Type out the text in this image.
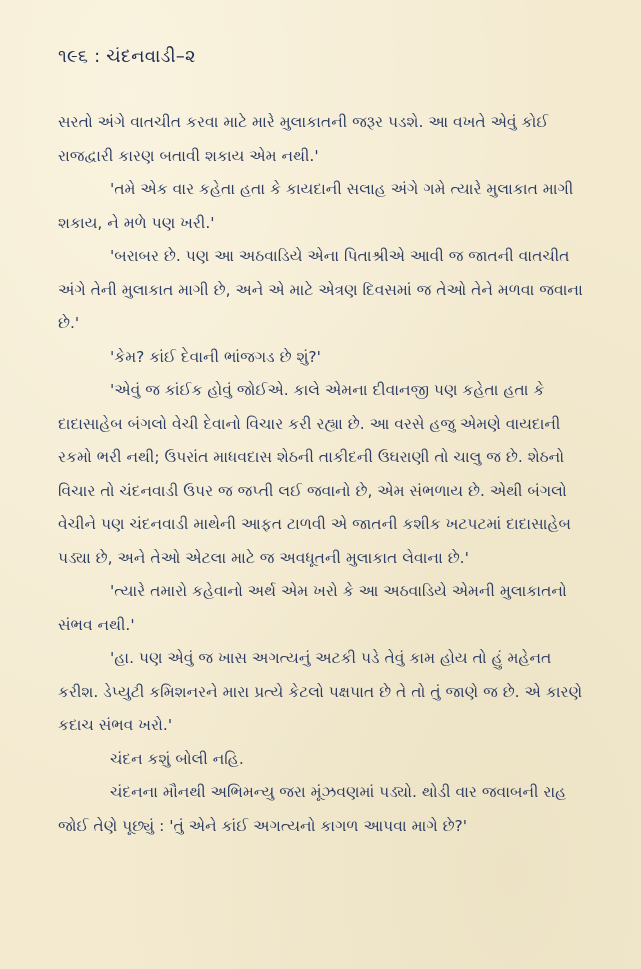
૧૯૬ : ચંદનવાડી–૨

સરતો અંગે વાતચીત કરવા માટે મારે મુલાકાતની જરૂર પડશે. આ વખતે એવું કોઈ રાજદ્વારી કારણ બતાવી શકાય એમ નથી.'

'તમે એક વાર કહેતા હતા કે કાયદાની સલાહ અંગે ગમે ત્યારે મુલાકાત માગી શકાય, ને મળે પણ ખરી.'

'બરાબર છે. પણ આ અઠવાડિયે એના પિતાશ્રીએ આવી જ જાતની વાતચીત અંગે તેની મુલાકાત માગી છે, અને એ માટે એત્રણ દિવસમાં જ તેઓ તેને મળવા જવાના છે.'

'કેમ? કાંઈ દેવાની ભાંજગડ છે શું?'

'એવું જ કાંઈક હોવું જોઈએ. કાલે એમના દીવાનજી પણ કહેતા હતા કે દાદાસાહેબ બંગલો વેચી દેવાનો વિચાર કરી રહ્યા છે. આ વરસે હજુ એમણે વાયદાની રકમો ભરી નથી; ઉપરાંત માધવદાસ શેઠની તાકીદની ઉઘરાણી તો ચાલુ જ છે. શેઠનો વિચાર તો ચંદનવાડી ઉપર જ જપ્તી લઈ જવાનો છે, એમ સંભળાય છે. એથી બંગલો વેચીને પણ ચંદનવાડી માથેની આફત ટાળવી એ જાતની કશીક ખટપટમાં દાદાસાહેબ પડ્યા છે, અને તેઓ એટલા માટે જ અવધૂતની મુલાકાત લેવાના છે.'

'ત્યારે તમારો કહેવાનો અર્થ એમ ખરો કે આ અઠવાડિયે એમની મુલાકાતનો સંભવ નથી.'

'હા. પણ એવું જ ખાસ અગત્યનું અટકી પડે તેવું કામ હોય તો હું મહેનત કરીશ. ડેપ્યુટી કમિશનરને મારા પ્રત્યે કેટલો પક્ષપાત છે તે તો તું જાણે જ છે. એ કારણે કદાચ સંભવ ખરો.'

ચંદન કશું બોલી નહિ.

ચંદનના મૌનથી અભિમન્યુ જરા મૂંઝવણમાં પડ્યો. થોડી વાર જવાબની રાહ જોઈ તેણે પૂછ્યું : 'તું એને કાંઈ અગત્યનો કાગળ આપવા માગે છે?'
